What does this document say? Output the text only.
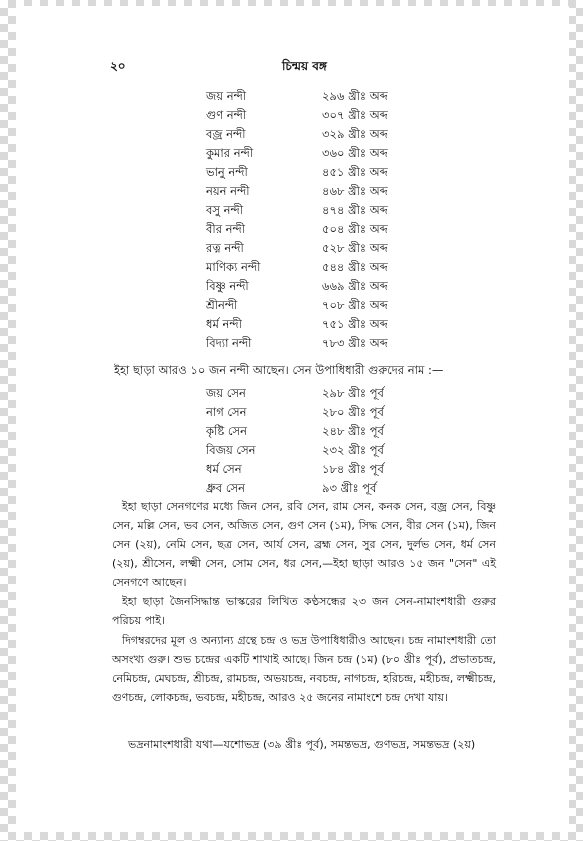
২০	চিন্ময় বঙ্গ
জয় নন্দী	২৯৬ খ্রীঃ অব্দ
গুণ নন্দী	৩০৭ খ্রীঃ অব্দ
বজ্র নন্দী	৩২৯ খ্রীঃ অব্দ
কুমার নন্দী	৩৬০ খ্রীঃ অব্দ
ভানু নন্দী	৪৫১ খ্রীঃ অব্দ
নয়ন নন্দী	৪৬৮ খ্রীঃ অব্দ
বসু নন্দী	৪৭৪ খ্রীঃ অব্দ
বীর নন্দী	৫০৪ খ্রীঃ অব্দ
রত্ন নন্দী	৫২৮ খ্রীঃ অব্দ
মাণিক্য নন্দী	৫৪৪ খ্রীঃ অব্দ
বিষ্ণু নন্দী	৬৬৯ খ্রীঃ অব্দ
শ্রীনন্দী	৭০৮ খ্রীঃ অব্দ
ধর্ম নন্দী	৭৫১ খ্রীঃ অব্দ
বিদ্যা নন্দী	৭৮৩ খ্রীঃ অব্দ
ইহা ছাড়া আরও ১০ জন নন্দী আছেন। সেন উপাধিধারী গুরুদের নাম :—
জয় সেন	২৯৮ খ্রীঃ পূর্ব
নাগ সেন	২৮০ খ্রীঃ পূর্ব
কৃষ্টি সেন	২৪৮ খ্রীঃ পূর্ব
বিজয় সেন	২৩২ খ্রীঃ পূর্ব
ধর্ম সেন	১৮৪ খ্রীঃ পূর্ব
ধ্রুব সেন	৯৩ খ্রীঃ পূর্ব
ইহা ছাড়া সেনগণের মধ্যে জিন সেন, রবি সেন, রাম সেন, কনক সেন, বজ্র সেন, বিষ্ণু সেন, মল্লি সেন, ভব সেন, অজিত সেন, গুণ সেন (১ম), সিদ্ধ সেন, বীর সেন (১ম), জিন সেন (২য়), নেমি সেন, ছত্র সেন, আর্য সেন, ব্রহ্ম সেন, সুর সেন, দুর্লভ সেন, ধর্ম সেন (২য়), শ্রীসেন, লক্ষ্মী সেন, সোম সেন, ধর সেন,—ইহা ছাড়া আরও ১৫ জন "সেন" এই সেনগণে আছেন।
ইহা ছাড়া জৈনসিদ্ধান্ত ভাস্করের লিখিত কণ্ঠসন্ধের ২৩ জন সেন-নামাংশধারী গুরুর পরিচয় পাই।
দিগম্বরদের মূল ও অন্যান্য গ্রন্থে চন্দ্র ও ভদ্র উপাধিধারীও আছেন। চন্দ্র নামাংশধারী তো অসংখ্য গুরু। শুভ চন্দ্রের একটি শাখাই আছে। জিন চন্দ্র (১ম) (৮০ খ্রীঃ পূর্ব), প্রভাতচন্দ্র, নেমিচন্দ্র, মেঘচন্দ্র, শ্রীচন্দ্র, রামচন্দ্র, অভয়চন্দ্র, নবচন্দ্র, নাগচন্দ্র, হরিচন্দ্র, মহীচন্দ্র, লক্ষ্মীচন্দ্র, গুণচন্দ্র, লোকচন্দ্র, ভবচন্দ্র, মহীচন্দ্র, আরও ২৫ জনের নামাংশে চন্দ্র দেখা যায়।
ভদ্রনামাংশধারী যথা—যশোভদ্র (৩৯ খ্রীঃ পূর্ব), সমন্তভদ্র, গুণভদ্র, সমন্তভদ্র (২য়)
